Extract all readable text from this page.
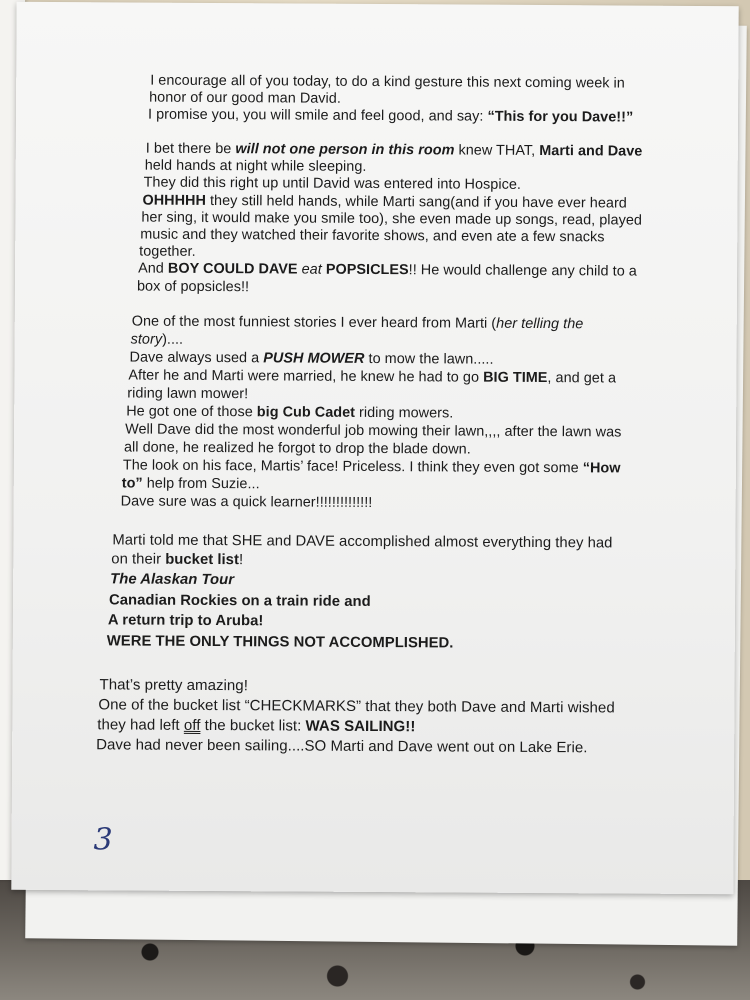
I encourage all of you today, to do a kind gesture this next coming week in
honor of our good man David.
I promise you, you will smile and feel good, and say: “This for you Dave!!”
I bet there be will not one person in this room knew THAT, Marti and Dave
held hands at night while sleeping.
They did this right up until David was entered into Hospice.
OHHHHH they still held hands, while Marti sang(and if you have ever heard
her sing, it would make you smile too), she even made up songs, read, played
music and they watched their favorite shows, and even ate a few snacks
together.
And BOY COULD DAVE eat POPSICLES!! He would challenge any child to a
box of popsicles!!
One of the most funniest stories I ever heard from Marti (her telling the
story)....
Dave always used a PUSH MOWER to mow the lawn.....
After he and Marti were married, he knew he had to go BIG TIME, and get a
riding lawn mower!
He got one of those big Cub Cadet riding mowers.
Well Dave did the most wonderful job mowing their lawn,,,, after the lawn was
all done, he realized he forgot to drop the blade down.
The look on his face, Martis’ face! Priceless. I think they even got some “How
to” help from Suzie...
Dave sure was a quick learner!!!!!!!!!!!!!!
Marti told me that SHE and DAVE accomplished almost everything they had
on their bucket list!
The Alaskan Tour
Canadian Rockies on a train ride and
A return trip to Aruba!
WERE THE ONLY THINGS NOT ACCOMPLISHED.
That’s pretty amazing!
One of the bucket list “CHECKMARKS” that they both Dave and Marti wished
they had left off the bucket list: WAS SAILING!!
Dave had never been sailing....SO Marti and Dave went out on Lake Erie.
3
